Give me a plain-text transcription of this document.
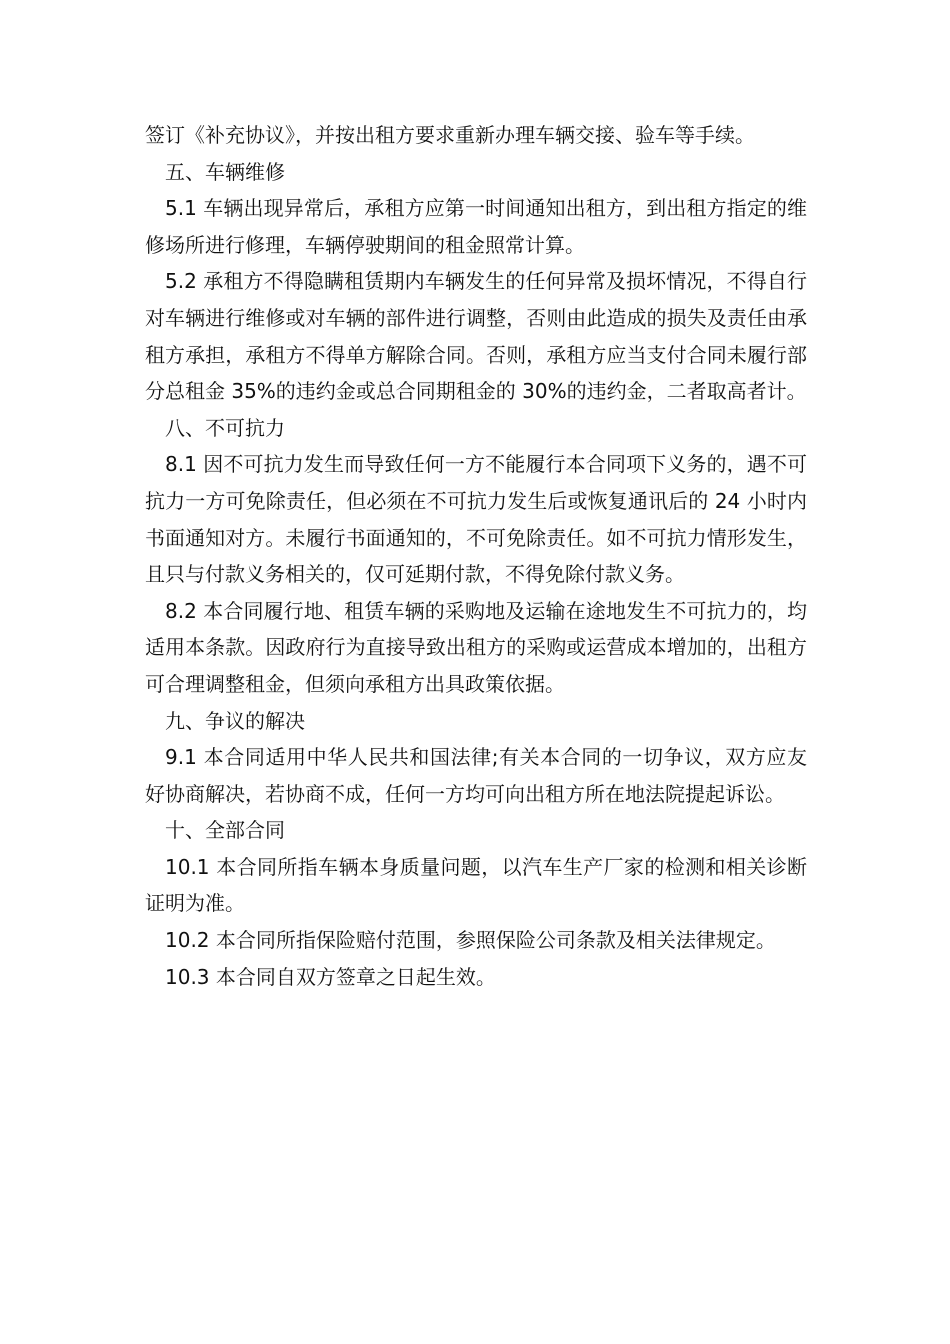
签订《补充协议》，并按出租方要求重新办理车辆交接、验车等手续。

五、车辆维修

5.1 车辆出现异常后，承租方应第一时间通知出租方，到出租方指定的维修场所进行修理，车辆停驶期间的租金照常计算。

5.2 承租方不得隐瞒租赁期内车辆发生的任何异常及损坏情况，不得自行对车辆进行维修或对车辆的部件进行调整，否则由此造成的损失及责任由承租方承担，承租方不得单方解除合同。否则，承租方应当支付合同未履行部分总租金 35%的违约金或总合同期租金的 30%的违约金，二者取高者计。

八、不可抗力

8.1 因不可抗力发生而导致任何一方不能履行本合同项下义务的，遇不可抗力一方可免除责任，但必须在不可抗力发生后或恢复通讯后的 24 小时内书面通知对方。未履行书面通知的，不可免除责任。如不可抗力情形发生，且只与付款义务相关的，仅可延期付款，不得免除付款义务。

8.2 本合同履行地、租赁车辆的采购地及运输在途地发生不可抗力的，均适用本条款。因政府行为直接导致出租方的采购或运营成本增加的，出租方可合理调整租金，但须向承租方出具政策依据。

九、争议的解决

9.1 本合同适用中华人民共和国法律;有关本合同的一切争议，双方应友好协商解决，若协商不成，任何一方均可向出租方所在地法院提起诉讼。

十、全部合同

10.1 本合同所指车辆本身质量问题，以汽车生产厂家的检测和相关诊断证明为准。

10.2 本合同所指保险赔付范围，参照保险公司条款及相关法律规定。

10.3 本合同自双方签章之日起生效。
